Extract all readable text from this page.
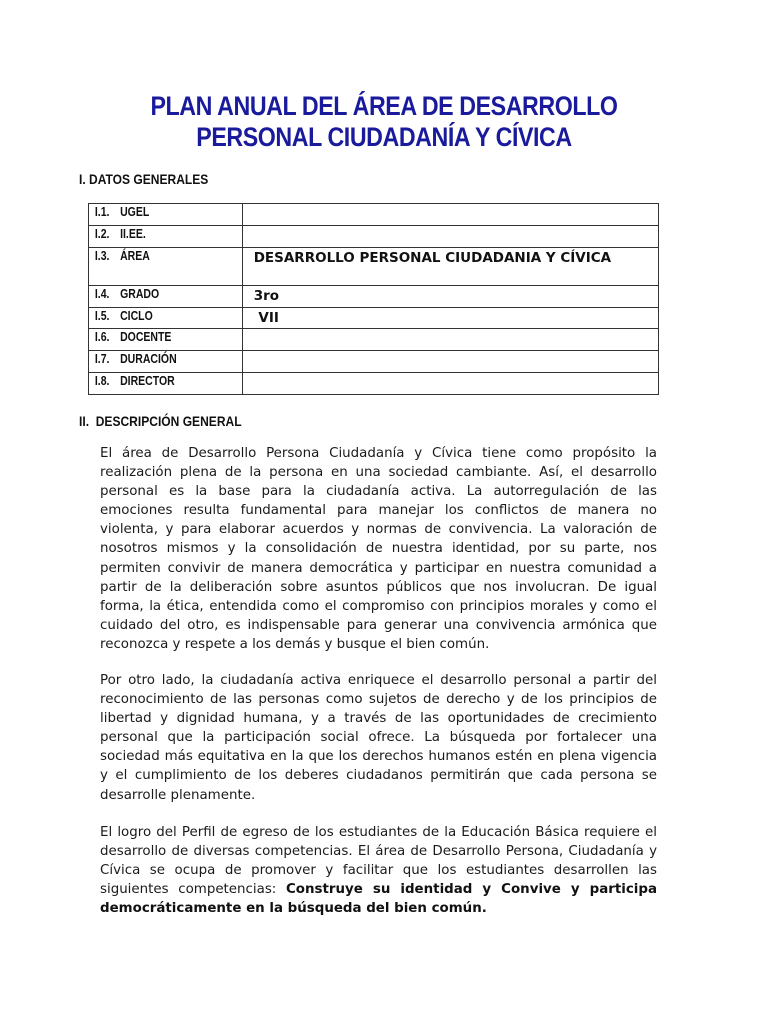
PLAN ANUAL DEL ÁREA DE DESARROLLO
PERSONAL CIUDADANÍA Y CÍVICA
I. DATOS GENERALES
I.1. UGEL	

I.2. II.EE.	

I.3. ÁREA	DESARROLLO PERSONAL CIUDADANIA Y CÍVICA

I.4. GRADO	3ro

I.5. CICLO	VII

I.6. DOCENTE	

I.7. DURACIÓN	

I.8. DIRECTOR	

II.  DESCRIPCIÓN GENERAL

El área de Desarrollo Persona Ciudadanía y Cívica tiene como propósito la realización plena de la persona en una sociedad cambiante. Así, el desarrollo personal es la base para la ciudadanía activa. La autorregulación de las emociones resulta fundamental para manejar los conflictos de manera no violenta, y para elaborar acuerdos y normas de convivencia. La valoración de nosotros mismos y la consolidación de nuestra identidad, por su parte, nos permiten convivir de manera democrática y participar en nuestra comunidad a partir de la deliberación sobre asuntos públicos que nos involucran. De igual forma, la ética, entendida como el compromiso con principios morales y como el cuidado del otro, es indispensable para generar una convivencia armónica que reconozca y respete a los demás y busque el bien común.

Por otro lado, la ciudadanía activa enriquece el desarrollo personal a partir del reconocimiento de las personas como sujetos de derecho y de los principios de libertad y dignidad humana, y a través de las oportunidades de crecimiento personal que la participación social ofrece. La búsqueda por fortalecer una sociedad más equitativa en la que los derechos humanos estén en plena vigencia y el cumplimiento de los deberes ciudadanos permitirán que cada persona se desarrolle plenamente.

El logro del Perfil de egreso de los estudiantes de la Educación Básica requiere el desarrollo de diversas competencias. El área de Desarrollo Persona, Ciudadanía y Cívica se ocupa de promover y facilitar que los estudiantes desarrollen las siguientes competencias: Construye su identidad y Convive y participa democráticamente en la búsqueda del bien común.
